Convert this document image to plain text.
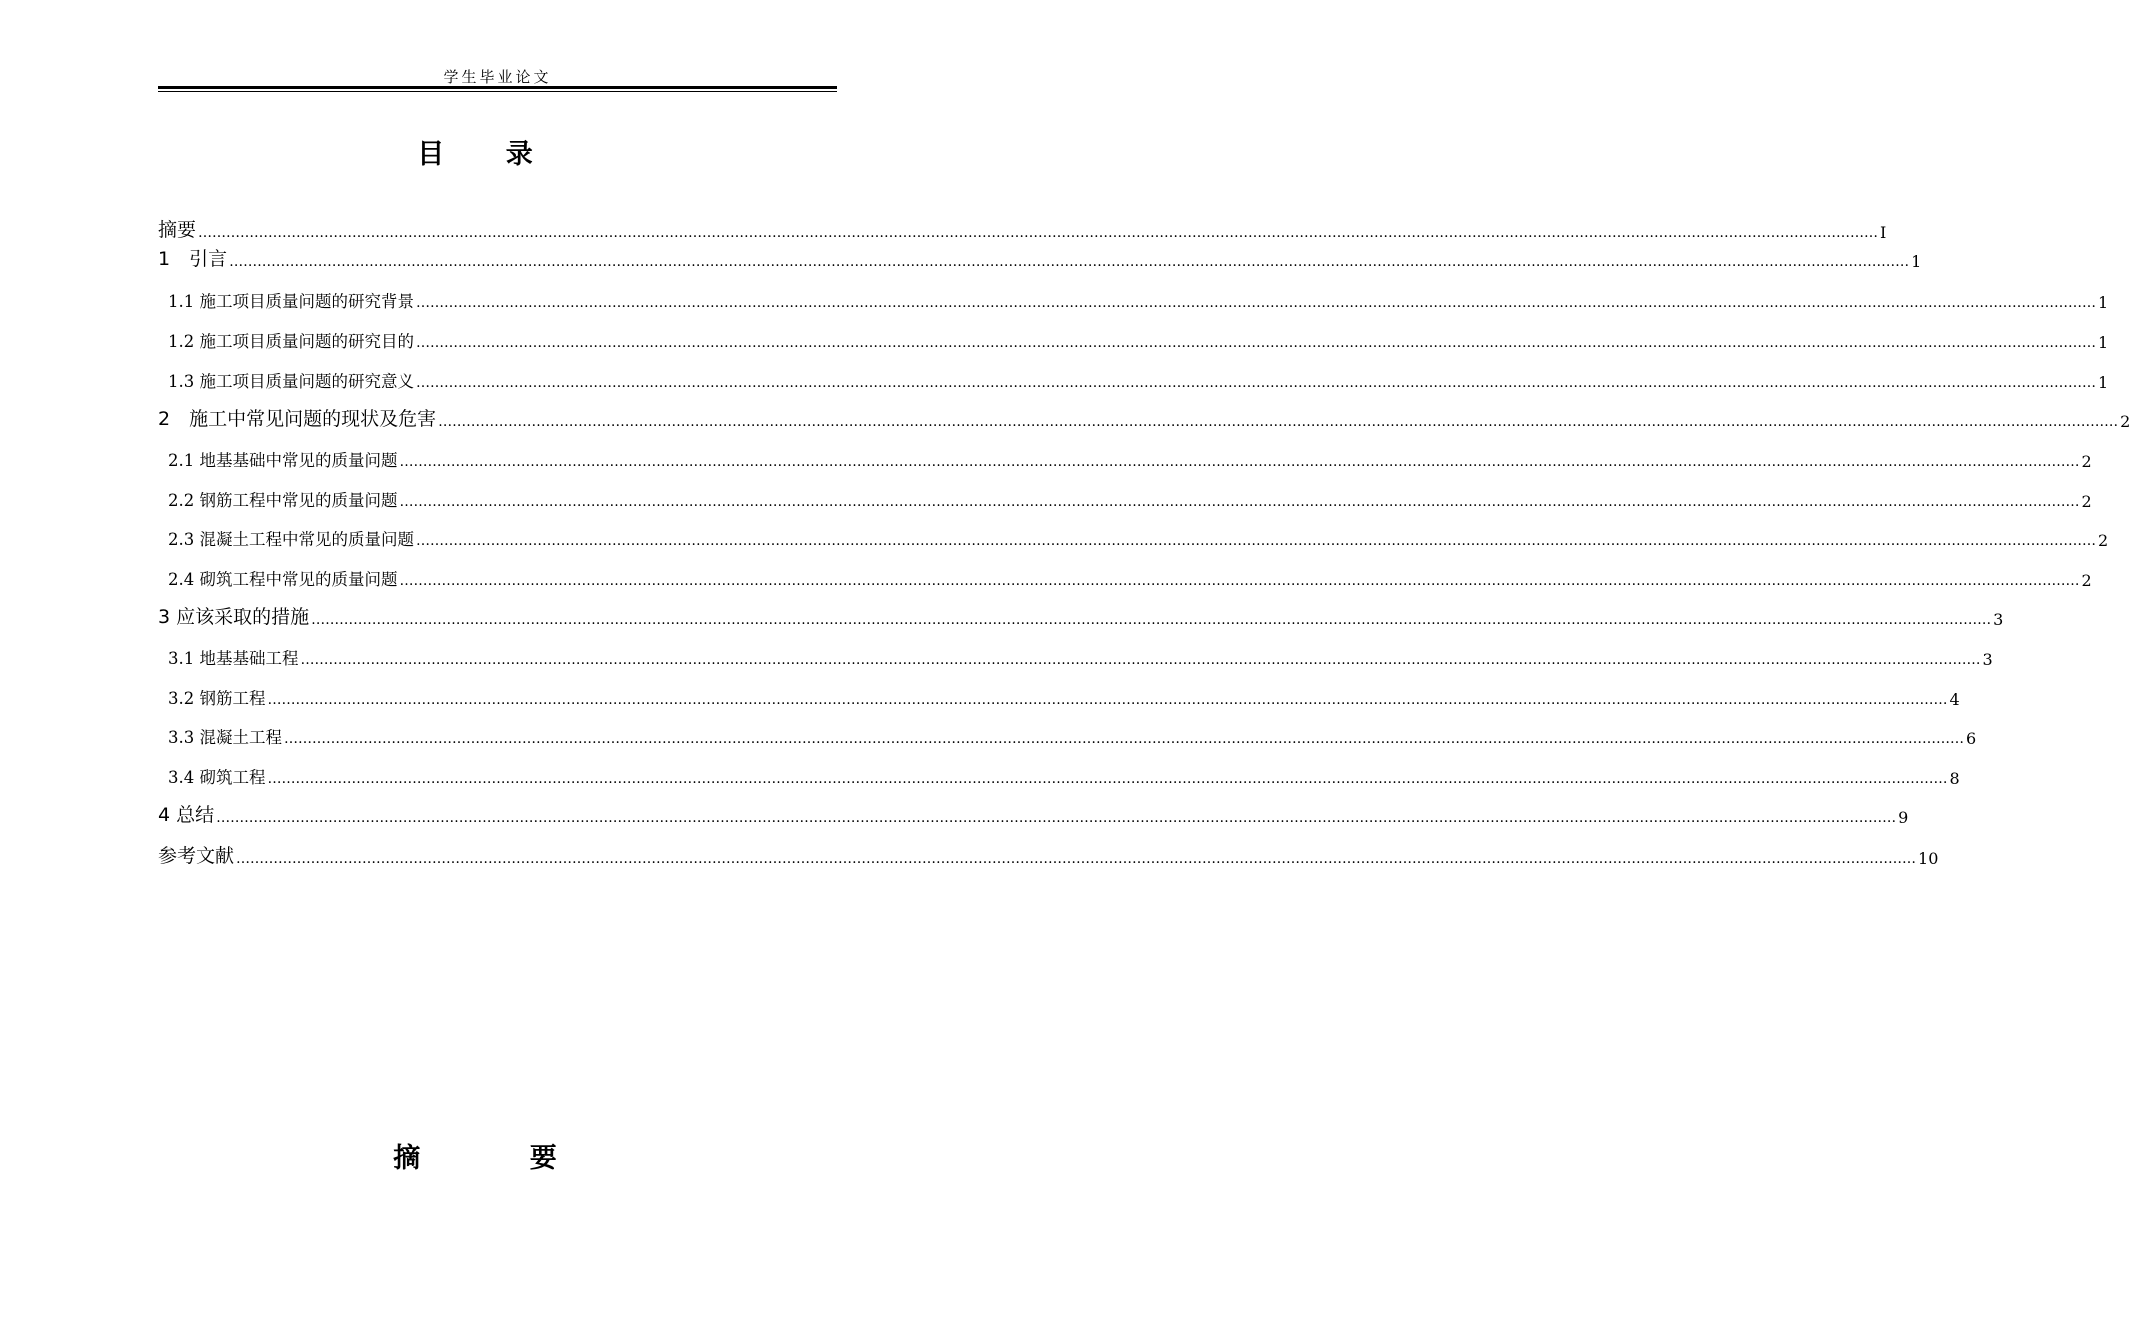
学生毕业论文
目 录
摘要 ……………………………………………………………………………………………………………………………………………………………………………………………………………………………………………………………………………………………………………………………… I
1　引言 ……………………………………………………………………………………………………………………………………………………………………………………………………………………………………………………………………………………………………………………………… 1
1.1 施工项目质量问题的研究背景 ……………………………………………………………………………………………………………………………………………………………………………………………………………………………………………………………………………………………………………………………… 1
1.2 施工项目质量问题的研究目的 ……………………………………………………………………………………………………………………………………………………………………………………………………………………………………………………………………………………………………………………………… 1
1.3 施工项目质量问题的研究意义 ……………………………………………………………………………………………………………………………………………………………………………………………………………………………………………………………………………………………………………………………… 1
2　施工中常见问题的现状及危害 ……………………………………………………………………………………………………………………………………………………………………………………………………………………………………………………………………………………………………………………………… 2
2.1 地基基础中常见的质量问题 ……………………………………………………………………………………………………………………………………………………………………………………………………………………………………………………………………………………………………………………………… 2
2.2 钢筋工程中常见的质量问题 ……………………………………………………………………………………………………………………………………………………………………………………………………………………………………………………………………………………………………………………………… 2
2.3 混凝土工程中常见的质量问题 ……………………………………………………………………………………………………………………………………………………………………………………………………………………………………………………………………………………………………………………………… 2
2.4 砌筑工程中常见的质量问题 ……………………………………………………………………………………………………………………………………………………………………………………………………………………………………………………………………………………………………………………………… 2
3 应该采取的措施 ……………………………………………………………………………………………………………………………………………………………………………………………………………………………………………………………………………………………………………………………… 3
3.1 地基基础工程 ……………………………………………………………………………………………………………………………………………………………………………………………………………………………………………………………………………………………………………………………… 3
3.2 钢筋工程 ……………………………………………………………………………………………………………………………………………………………………………………………………………………………………………………………………………………………………………………………… 4
3.3 混凝土工程 ……………………………………………………………………………………………………………………………………………………………………………………………………………………………………………………………………………………………………………………………… 6
3.4 砌筑工程 ……………………………………………………………………………………………………………………………………………………………………………………………………………………………………………………………………………………………………………………………… 8
4 总结 ……………………………………………………………………………………………………………………………………………………………………………………………………………………………………………………………………………………………………………………………… 9
参考文献 ……………………………………………………………………………………………………………………………………………………………………………………………………………………………………………………………………………………………………………………………… 10
摘 要
